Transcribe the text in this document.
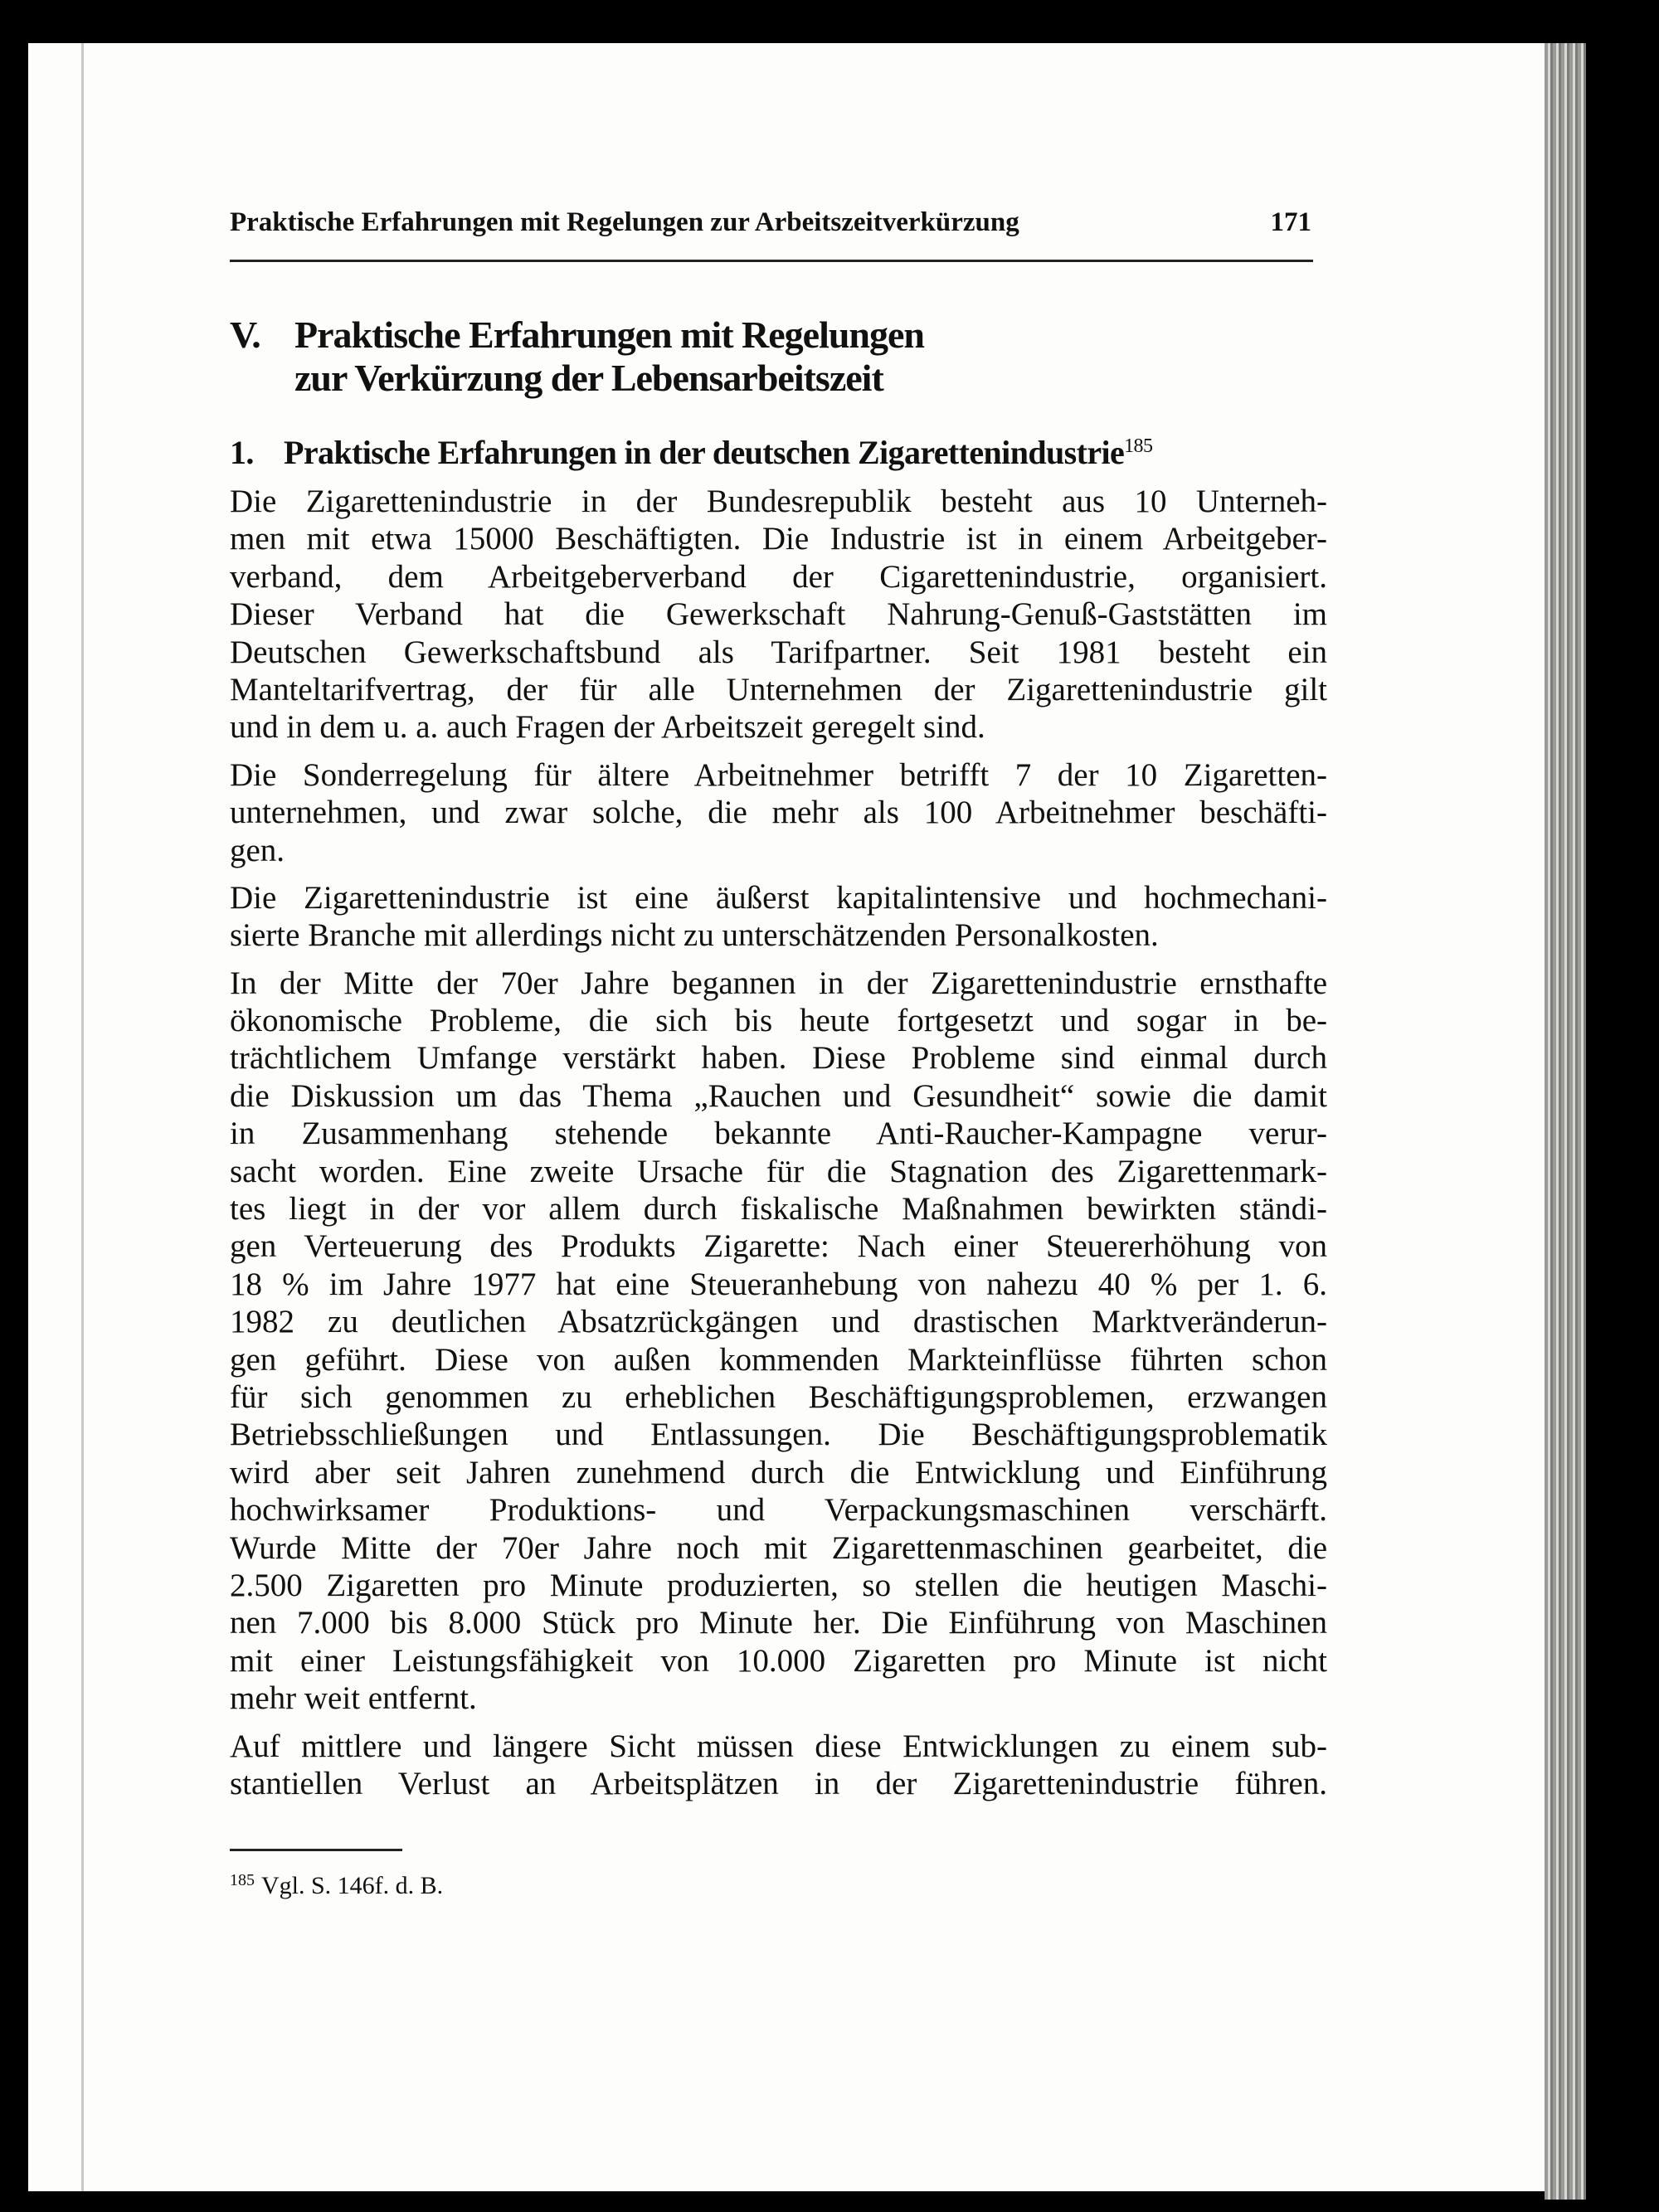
Praktische Erfahrungen mit Regelungen zur Arbeitszeitverkürzung	171
V. Praktische Erfahrungen mit Regelungen
zur Verkürzung der Lebensarbeitszeit
1. Praktische Erfahrungen in der deutschen Zigarettenindustrie$^{185}$
Die Zigarettenindustrie in der Bundesrepublik besteht aus 10 Unterneh-
men mit etwa 15000 Beschäftigten. Die Industrie ist in einem Arbeitgeber-
verband, dem Arbeitgeberverband der Cigarettenindustrie, organisiert.
Dieser Verband hat die Gewerkschaft Nahrung-Genuß-Gaststätten im
Deutschen Gewerkschaftsbund als Tarifpartner. Seit 1981 besteht ein
Manteltarifvertrag, der für alle Unternehmen der Zigarettenindustrie gilt
und in dem u. a. auch Fragen der Arbeitszeit geregelt sind.
Die Sonderregelung für ältere Arbeitnehmer betrifft 7 der 10 Zigaretten-
unternehmen, und zwar solche, die mehr als 100 Arbeitnehmer beschäfti-
gen.
Die Zigarettenindustrie ist eine äußerst kapitalintensive und hochmechani-
sierte Branche mit allerdings nicht zu unterschätzenden Personalkosten.
In der Mitte der 70er Jahre begannen in der Zigarettenindustrie ernsthafte
ökonomische Probleme, die sich bis heute fortgesetzt und sogar in be-
trächtlichem Umfange verstärkt haben. Diese Probleme sind einmal durch
die Diskussion um das Thema „Rauchen und Gesundheit“ sowie die damit
in Zusammenhang stehende bekannte Anti-Raucher-Kampagne verur-
sacht worden. Eine zweite Ursache für die Stagnation des Zigarettenmark-
tes liegt in der vor allem durch fiskalische Maßnahmen bewirkten ständi-
gen Verteuerung des Produkts Zigarette: Nach einer Steuererhöhung von
18 % im Jahre 1977 hat eine Steueranhebung von nahezu 40 % per 1. 6.
1982 zu deutlichen Absatzrückgängen und drastischen Marktveränderun-
gen geführt. Diese von außen kommenden Markteinflüsse führten schon
für sich genommen zu erheblichen Beschäftigungsproblemen, erzwangen
Betriebsschließungen und Entlassungen. Die Beschäftigungsproblematik
wird aber seit Jahren zunehmend durch die Entwicklung und Einführung
hochwirksamer Produktions- und Verpackungsmaschinen verschärft.
Wurde Mitte der 70er Jahre noch mit Zigarettenmaschinen gearbeitet, die
2.500 Zigaretten pro Minute produzierten, so stellen die heutigen Maschi-
nen 7.000 bis 8.000 Stück pro Minute her. Die Einführung von Maschinen
mit einer Leistungsfähigkeit von 10.000 Zigaretten pro Minute ist nicht
mehr weit entfernt.
Auf mittlere und längere Sicht müssen diese Entwicklungen zu einem sub-
stantiellen Verlust an Arbeitsplätzen in der Zigarettenindustrie führen.
$^{185}$ Vgl. S. 146f. d. B.
